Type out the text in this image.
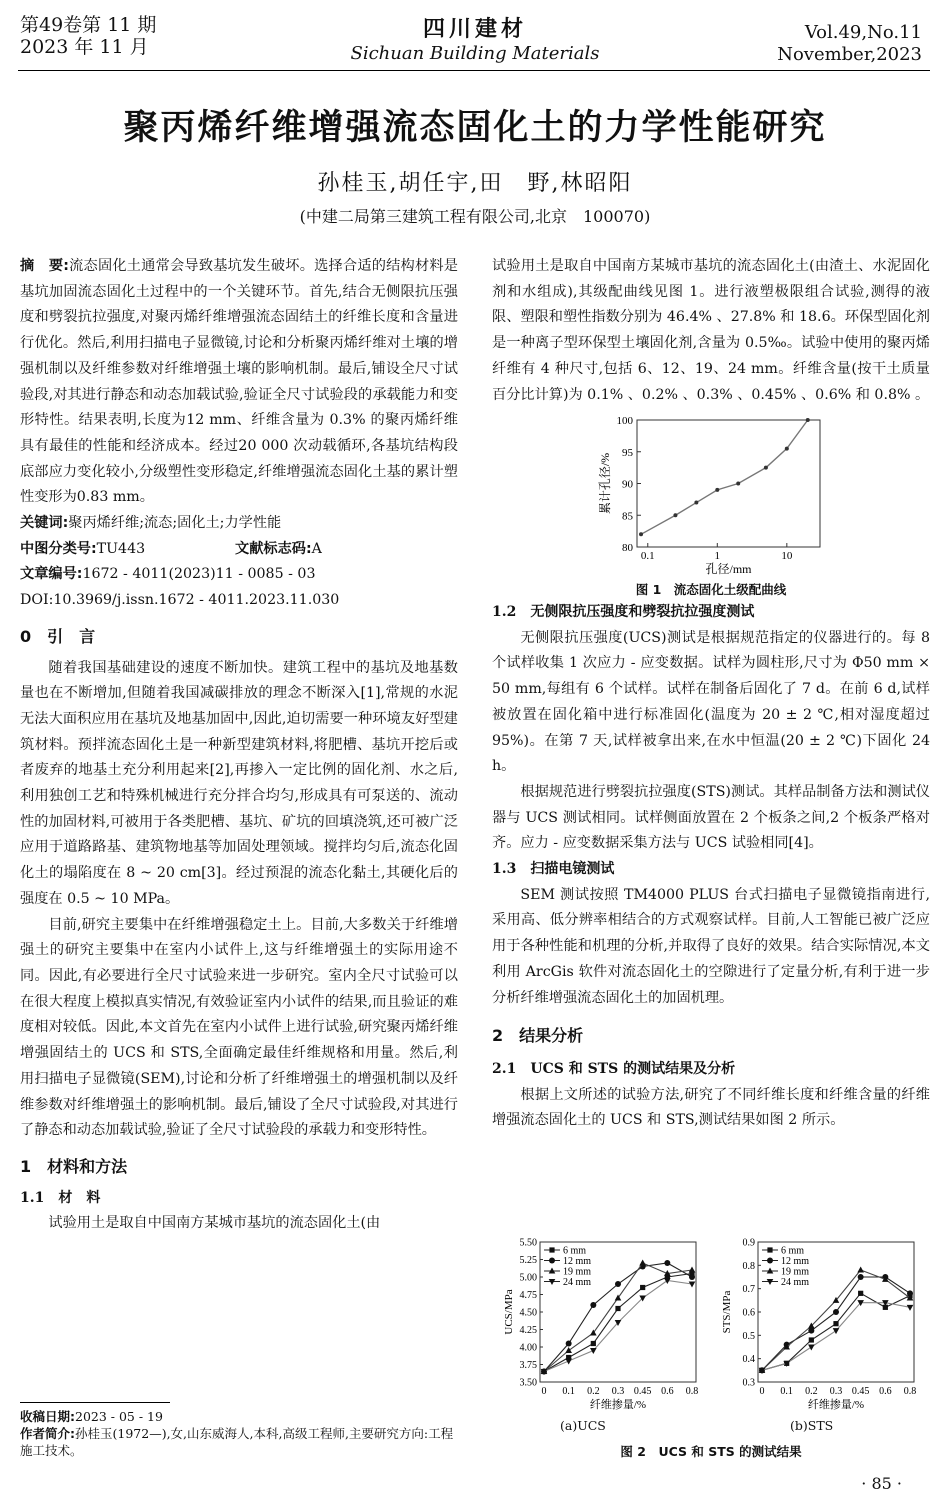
第49卷第 11 期
2023 年 11 月
四川建材
Sichuan Building Materials
Vol.49,No.11
November,2023
聚丙烯纤维增强流态固化土的力学性能研究
孙桂玉,胡任宇,田　野,林昭阳
(中建二局第三建筑工程有限公司,北京　100070)

摘　要:流态固化土通常会导致基坑发生破坏。选择合适的结构材料是基坑加固流态固化土过程中的一个关键环节。首先,结合无侧限抗压强度和劈裂抗拉强度,对聚丙烯纤维增强流态固结土的纤维长度和含量进行优化。然后,利用扫描电子显微镜,讨论和分析聚丙烯纤维对土壤的增强机制以及纤维参数对纤维增强土壤的影响机制。最后,铺设全尺寸试验段,对其进行静态和动态加载试验,验证全尺寸试验段的承载能力和变形特性。结果表明,长度为12 mm、纤维含量为 0.3% 的聚丙烯纤维具有最佳的性能和经济成本。经过20 000 次动载循环,各基坑结构段底部应力变化较小,分级塑性变形稳定,纤维增强流态固化土基的累计塑性变形为0.83 mm。

关键词:聚丙烯纤维;流态;固化土;力学性能

中图分类号:TU443	文献标志码:A

文章编号:1672 - 4011(2023)11 - 0085 - 03

DOI:10.3969/j.issn.1672 - 4011.2023.11.030

0　引　言

随着我国基础建设的速度不断加快。建筑工程中的基坑及地基数量也在不断增加,但随着我国减碳排放的理念不断深入[1],常规的水泥无法大面积应用在基坑及地基加固中,因此,迫切需要一种环境友好型建筑材料。预拌流态固化土是一种新型建筑材料,将肥槽、基坑开挖后或者废弃的地基土充分利用起来[2],再掺入一定比例的固化剂、水之后,利用独创工艺和特殊机械进行充分拌合均匀,形成具有可泵送的、流动性的加固材料,可被用于各类肥槽、基坑、矿坑的回填浇筑,还可被广泛应用于道路路基、建筑物地基等加固处理领域。搅拌均匀后,流态化固化土的塌陷度在 8 ~ 20 cm[3]。经过预混的流态化黏土,其硬化后的强度在 0.5 ~ 10 MPa。

目前,研究主要集中在纤维增强稳定土上。目前,大多数关于纤维增强土的研究主要集中在室内小试件上,这与纤维增强土的实际用途不同。因此,有必要进行全尺寸试验来进一步研究。室内全尺寸试验可以在很大程度上模拟真实情况,有效验证室内小试件的结果,而且验证的难度相对较低。因此,本文首先在室内小试件上进行试验,研究聚丙烯纤维增强固结土的 UCS 和 STS,全面确定最佳纤维规格和用量。然后,利用扫描电子显微镜(SEM),讨论和分析了纤维增强土的增强机制以及纤维参数对纤维增强土的影响机制。最后,铺设了全尺寸试验段,对其进行了静态和动态加载试验,验证了全尺寸试验段的承载力和变形特性。

1　材料和方法

1.1　材　料

试验用土是取自中国南方某城市基坑的流态固化土(由

收稿日期:2023 - 05 - 19
作者简介:孙桂玉(1972—),女,山东威海人,本科,高级工程师,主要研究方向:工程施工技术。

试验用土是取自中国南方某城市基坑的流态固化土(由渣土、水泥固化剂和水组成),其级配曲线见图 1。进行液塑极限组合试验,测得的液限、塑限和塑性指数分别为 46.4% 、27.8% 和 18.6。环保型固化剂是一种离子型环保型土壤固化剂,含量为 0.5‰。试验中使用的聚丙烯纤维有 4 种尺寸,包括 6、12、19、24 mm。纤维含量(按干土质量百分比计算)为 0.1% 、0.2% 、0.3% 、0.45% 、0.6% 和 0.8% 。

80
85
90
95
100
0.1	1	10
孔径/mm
累计孔径/%
图 1　流态固化土级配曲线

1.2　无侧限抗压强度和劈裂抗拉强度测试

无侧限抗压强度(UCS)测试是根据规范指定的仪器进行的。每 8 个试样收集 1 次应力 - 应变数据。试样为圆柱形,尺寸为 Φ50 mm × 50 mm,每组有 6 个试样。试样在制备后固化了 7 d。在前 6 d,试样被放置在固化箱中进行标准固化(温度为 20 ± 2 ℃,相对湿度超过 95%)。在第 7 天,试样被拿出来,在水中恒温(20 ± 2 ℃)下固化 24 h。

根据规范进行劈裂抗拉强度(STS)测试。其样品制备方法和测试仪器与 UCS 测试相同。试样侧面放置在 2 个板条之间,2 个板条严格对齐。应力 - 应变数据采集方法与 UCS 试验相同[4]。

1.3　扫描电镜测试

SEM 测试按照 TM4000 PLUS 台式扫描电子显微镜指南进行,采用高、低分辨率相结合的方式观察试样。目前,人工智能已被广泛应用于各种性能和机理的分析,并取得了良好的效果。结合实际情况,本文利用 ArcGis 软件对流态固化土的空隙进行了定量分析,有利于进一步分析纤维增强流态固化土的加固机理。

2　结果分析

2.1　UCS 和 STS 的测试结果及分析

根据上文所述的试验方法,研究了不同纤维长度和纤维含量的纤维增强流态固化土的 UCS 和 STS,测试结果如图 2 所示。

3.50
3.75
4.00
4.25
4.50
4.75
5.00
5.25
5.50
0 0.1 0.2 0.3 0.45 0.6 0.8
纤维掺量/%
UCS/MPa
6 mm
12 mm
19 mm
24 mm
0.3
0.4
0.5
0.6
0.7
0.8
0.9
0 0.1 0.2 0.3 0.45 0.6 0.8
纤维掺量/%
STS/MPa
6 mm
12 mm
19 mm
24 mm
(a)UCS	(b)STS
图 2　UCS 和 STS 的测试结果
· 85 ·
